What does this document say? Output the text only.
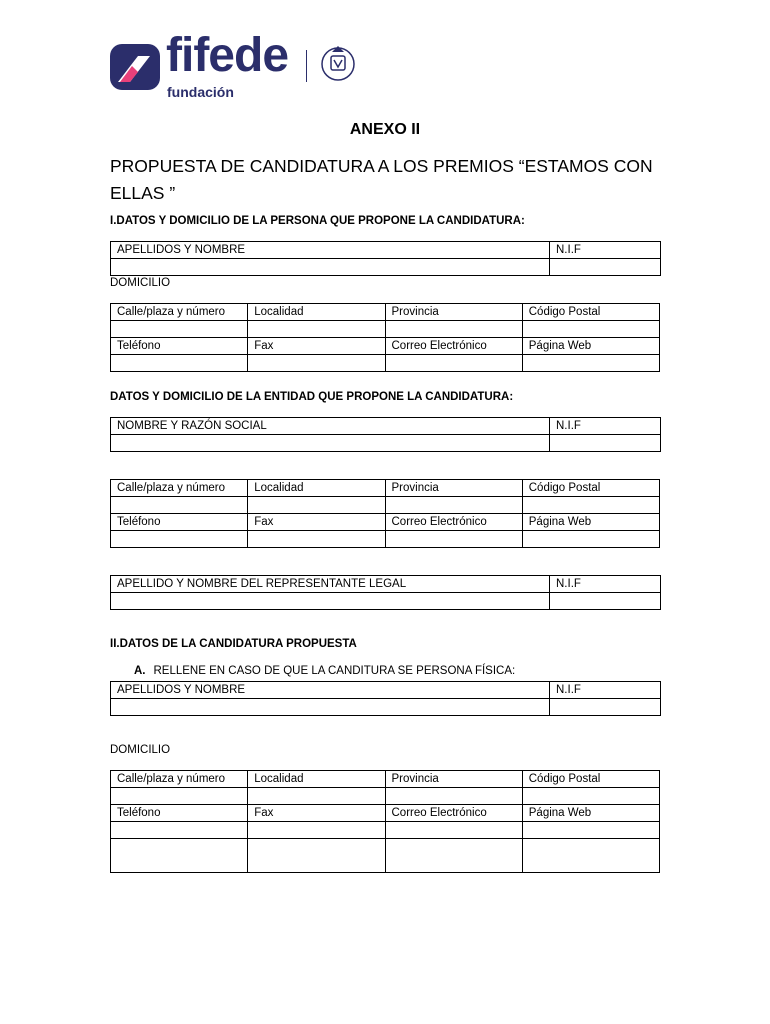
fifede
fundación
ANEXO II
PROPUESTA DE CANDIDATURA A LOS PREMIOS “ESTAMOS CON ELLAS ”
I.DATOS Y DOMICILIO DE LA PERSONA QUE PROPONE LA CANDIDATURA:
APELLIDOS Y NOMBRE	N.I.F

DOMICILIO
Calle/plaza y número	Localidad	Provincia	Código Postal

Teléfono	Fax	Correo Electrónico	Página Web

DATOS Y DOMICILIO DE LA ENTIDAD QUE PROPONE LA CANDIDATURA:
NOMBRE Y RAZÓN SOCIAL	N.I.F

Calle/plaza y número	Localidad	Provincia	Código Postal

Teléfono	Fax	Correo Electrónico	Página Web

APELLIDO Y NOMBRE DEL REPRESENTANTE LEGAL	N.I.F

II.DATOS DE LA CANDIDATURA PROPUESTA
A. RELLENE EN CASO DE QUE LA CANDITURA SE PERSONA FÍSICA:
APELLIDOS Y NOMBRE	N.I.F

DOMICILIO
Calle/plaza y número	Localidad	Provincia	Código Postal

Teléfono	Fax	Correo Electrónico	Página Web
